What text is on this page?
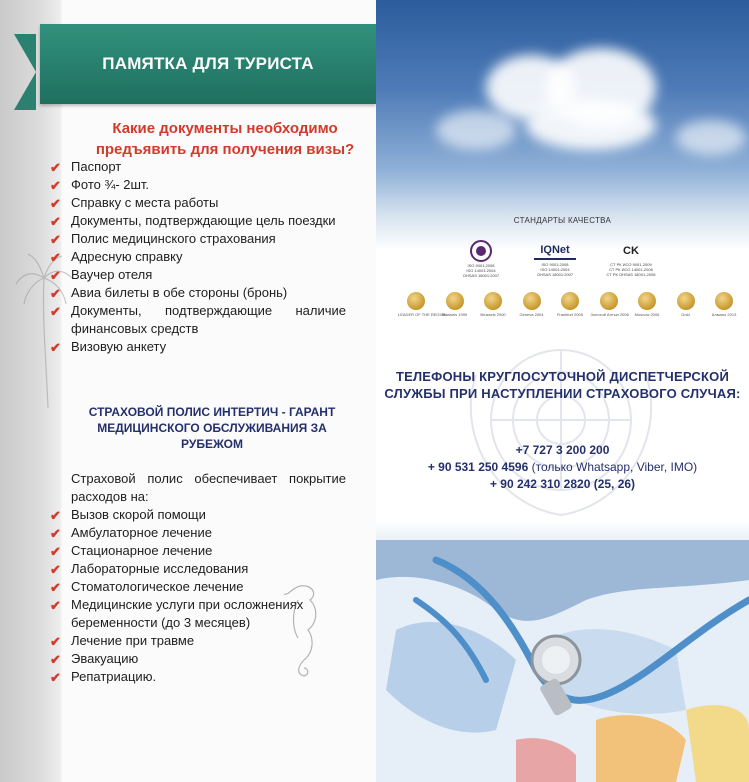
ПАМЯТКА ДЛЯ ТУРИСТА
Какие документы необходимо предъявить для получения визы?
✔ Паспорт
✔ Фото ¾- 2шт.
✔ Справку с места работы
✔ Документы, подтверждающие цель поездки
✔ Полис медицинского страхования
✔ Адресную справку
✔ Ваучер отеля
✔ Авиа билеты в обе стороны (бронь)
✔ Документы, подтверждающие наличие финансовых средств
✔ Визовую анкету
СТРАХОВОЙ ПОЛИС ИНТЕРТИЧ - ГАРАНТ МЕДИЦИНСКОГО ОБСЛУЖИВАНИЯ ЗА РУБЕЖОМ
Страховой полис обеспечивает покрытие расходов на:
✔ Вызов скорой помощи
✔ Амбулаторное лечение
✔ Стационарное лечение
✔ Лабораторные исследования
✔ Стоматологическое лечение
✔ Медицинские услуги при осложнениях беременности (до 3 месяцев)
✔ Лечение при травме
✔ Эвакуацию
✔ Репатриацию.
СТАНДАРТЫ КАЧЕСТВА
ISO 9001:2008
ISO 14001:2004
OHSAS 18001:2007
IQNet
ISO 9001:2008
ISO 14001:2004
OHSAS 18001:2007
CK
СТ РК ИСО 9001-2009
СТ РК ИСО 14001-2006
СТ РК OHSAS 18001-2008
LEADER OF THE REGION
Brussels 1999	Brussels 2000	Geneva 2004	Frankfurt 2005	Золотой Алтын 2006	Moscow 2006	Gold	Алматы 2013
ТЕЛЕФОНЫ КРУГЛОСУТОЧНОЙ ДИСПЕТЧЕРСКОЙ СЛУЖБЫ ПРИ НАСТУПЛЕНИИ СТРАХОВОГО СЛУЧАЯ:
+7 727 3 200 200
+ 90 531 250 4596 (только Whatsapp, Viber, IMO)
+ 90 242 310 2820 (25, 26)
